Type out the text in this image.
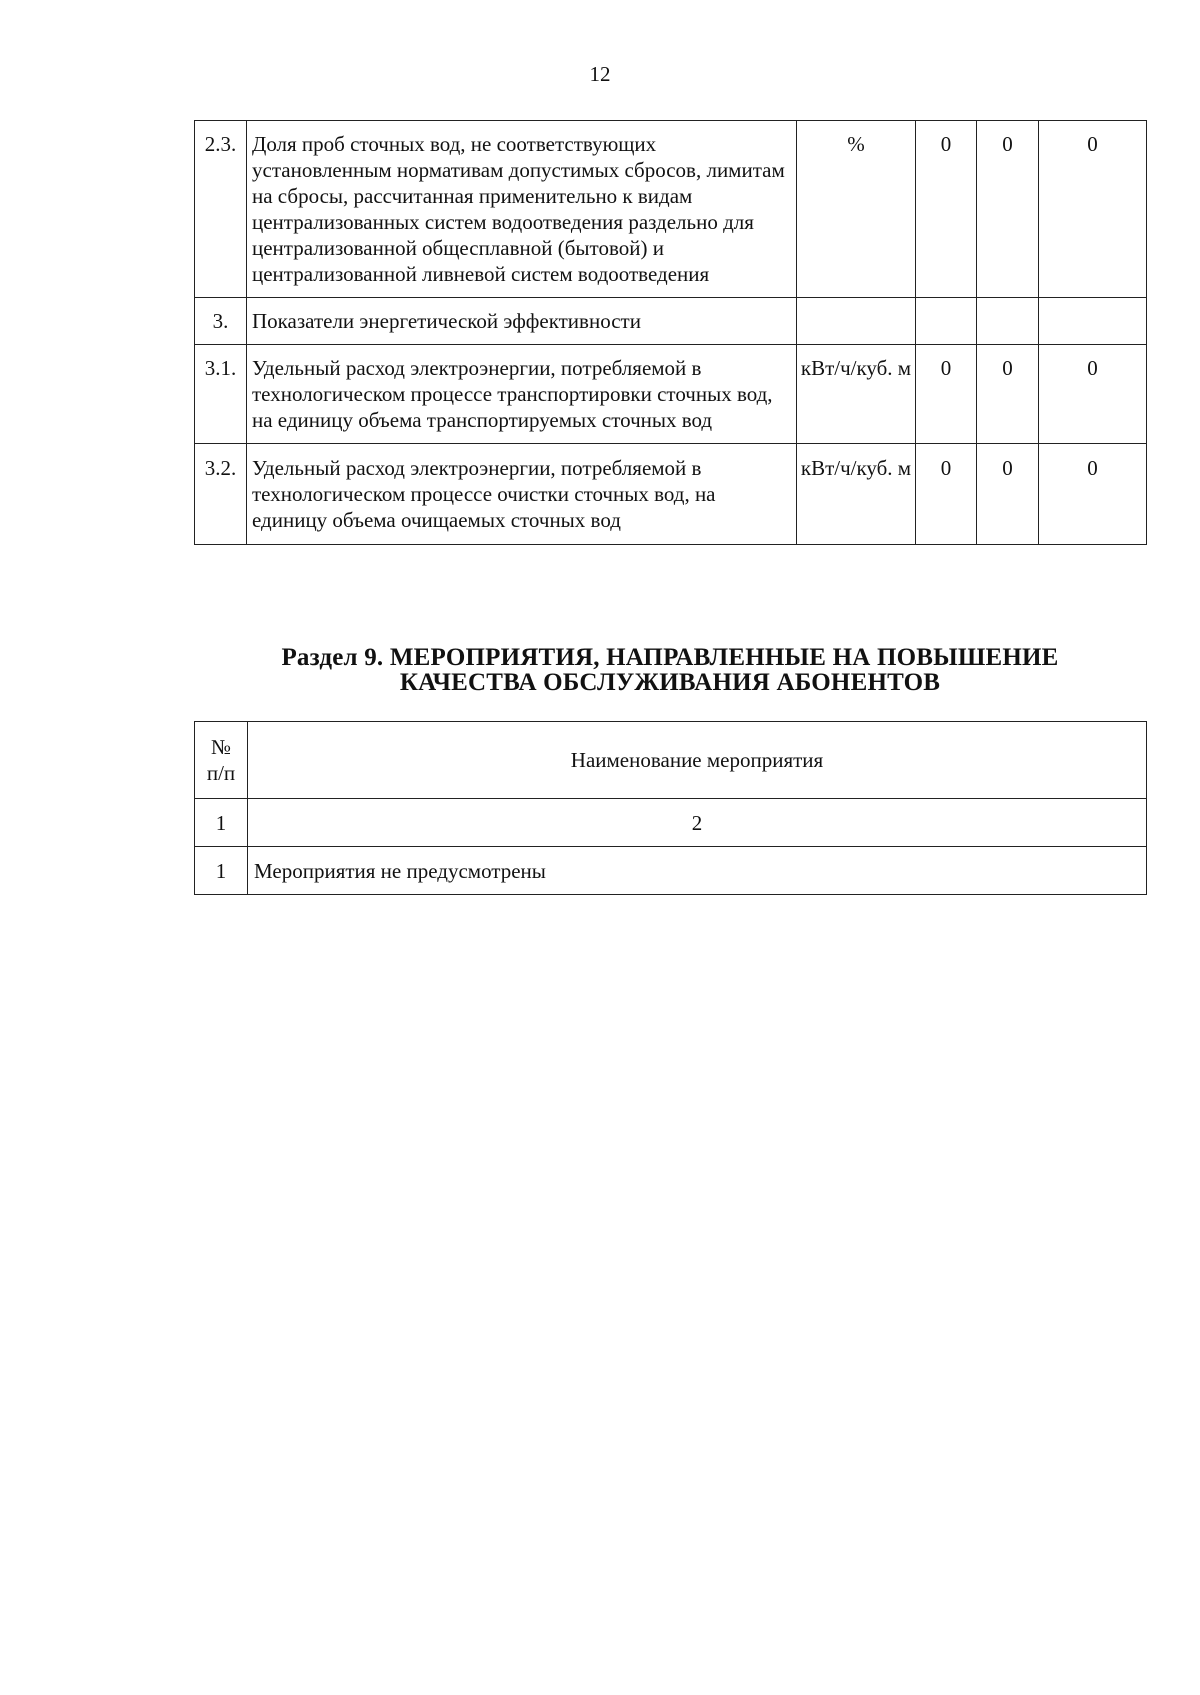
12
2.3.	Доля проб сточных вод, не соответствующих установленным нормативам допустимых сбросов, лимитам на сбросы, рассчитанная применительно к видам централизованных систем водоотведения раздельно для централизованной общесплавной (бытовой) и централизованной ливневой систем водоотведения	%	0	0	0
3.	Показатели энергетической эффективности				
3.1.	Удельный расход электроэнергии, потребляемой в технологическом процессе транспортировки сточных вод, на единицу объема транспортируемых сточных вод	кВт/ч/куб. м	0	0	0
3.2.	Удельный расход электроэнергии, потребляемой в технологическом процессе очистки сточных вод, на единицу объема очищаемых сточных вод	кВт/ч/куб. м	0	0	0
Раздел 9. МЕРОПРИЯТИЯ, НАПРАВЛЕННЫЕ НА ПОВЫШЕНИЕ
КАЧЕСТВА ОБСЛУЖИВАНИЯ АБОНЕНТОВ
№
п/п	Наименование мероприятия
1	2
1	Мероприятия не предусмотрены
